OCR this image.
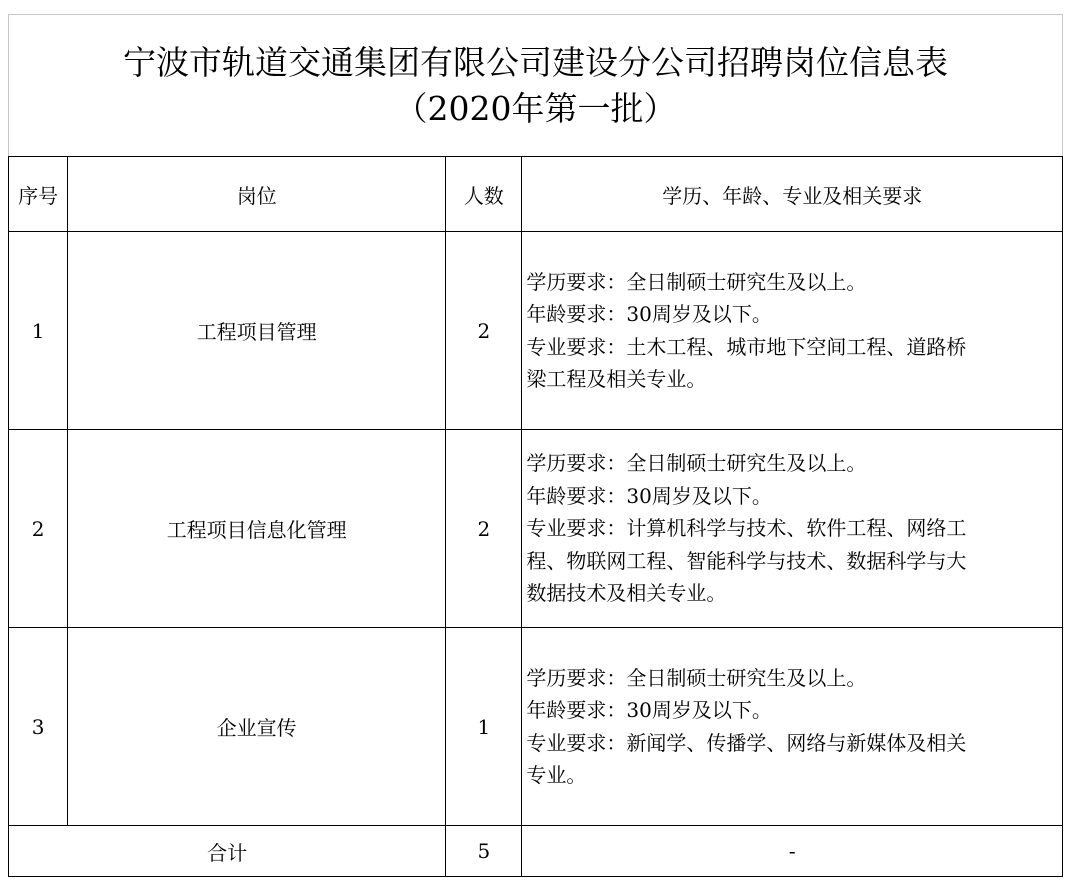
宁波市轨道交通集团有限公司建设分公司招聘岗位信息表
（2020年第一批）
序号	岗位	人数	学历、年龄、专业及相关要求
1	工程项目管理	2	学历要求：全日制硕士研究生及以上。
年龄要求：30周岁及以下。
专业要求：土木工程、城市地下空间工程、道路桥
梁工程及相关专业。

2	工程项目信息化管理	2	学历要求：全日制硕士研究生及以上。
年龄要求：30周岁及以下。
专业要求：计算机科学与技术、软件工程、网络工
程、物联网工程、智能科学与技术、数据科学与大
数据技术及相关专业。

3	企业宣传	1	学历要求：全日制硕士研究生及以上。
年龄要求：30周岁及以下。
专业要求：新闻学、传播学、网络与新媒体及相关
专业。

合计		5	-
